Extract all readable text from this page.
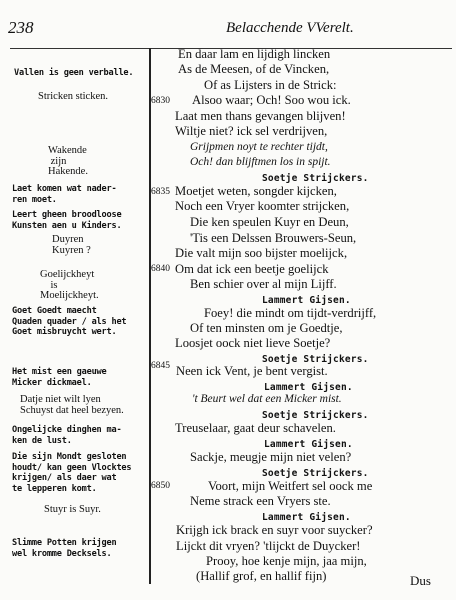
238	Belacchende VVerelt.
Vallen is geen verballe.
Stricken sticken.
Wakende
zijn
Hakende.
Laet komen wat nader-
ren moet.
Leert gheen broodloose
Kunsten aen u Kinders.
Duyren
Kuyren ?
Goelijckheyt
is
Moelijckheyt.
Goet Goedt maecht
Quaden quader / als het
Goet misbruycht wert.
Het mist een gaeuwe
Micker dickmael.
Datje niet wilt lyen
Schuyst dat heel bezyen.
Ongelijcke dinghen ma-
ken de lust.
Die sijn Mondt gesloten
houdt/ kan geen Vlocktes
krijgen/ als daer wat
te lepperen komt.
Stuyr is Suyr.
Slimme Potten krijgen
wel kromme Decksels.
6830
6835
6840
6845
6850
En daar lam en lijdigh lincken
As de Meesen, of de Vincken,
Of as Lijsters in de Strick:
Alsoo waar; Och! Soo wou ick.
Laat men thans gevangen blijven!
Wiltje niet? ick sel verdrijven,
Grijpmen noyt te rechter tijdt,
Och! dan blijftmen los in spijt.
Soetje Strijckers.
Moetjet weten, songder kijcken,
Noch een Vryer koomter strijcken,
Die ken speulen Kuyr en Deun,
'Tis een Delssen Brouwers-Seun,
Die valt mijn soo bijster moelijck,
Om dat ick een beetje goelijck
Ben schier over al mijn Lijff.
Lammert Gijsen.
Foey! die mindt om tijdt-verdrijff,
Of ten minsten om je Goedtje,
Loosjet oock niet lieve Soetje?
Soetje Strijckers.
Neen ick Vent, je bent vergist.
Lammert Gijsen.
't Beurt wel dat een Micker mist.
Soetje Strijckers.
Treuselaar, gaat deur schavelen.
Lammert Gijsen.
Sackje, meugje mijn niet velen?
Soetje Strijckers.
Voort, mijn Weitfert sel oock me
Neme strack een Vryers ste.
Lammert Gijsen.
Krijgh ick brack en suyr voor suycker?
Lijckt dit vryen? 'tlijckt de Duycker!
Prooy, hoe kenje mijn, jaa mijn,
(Hallif grof, en hallif fijn)	Dus
